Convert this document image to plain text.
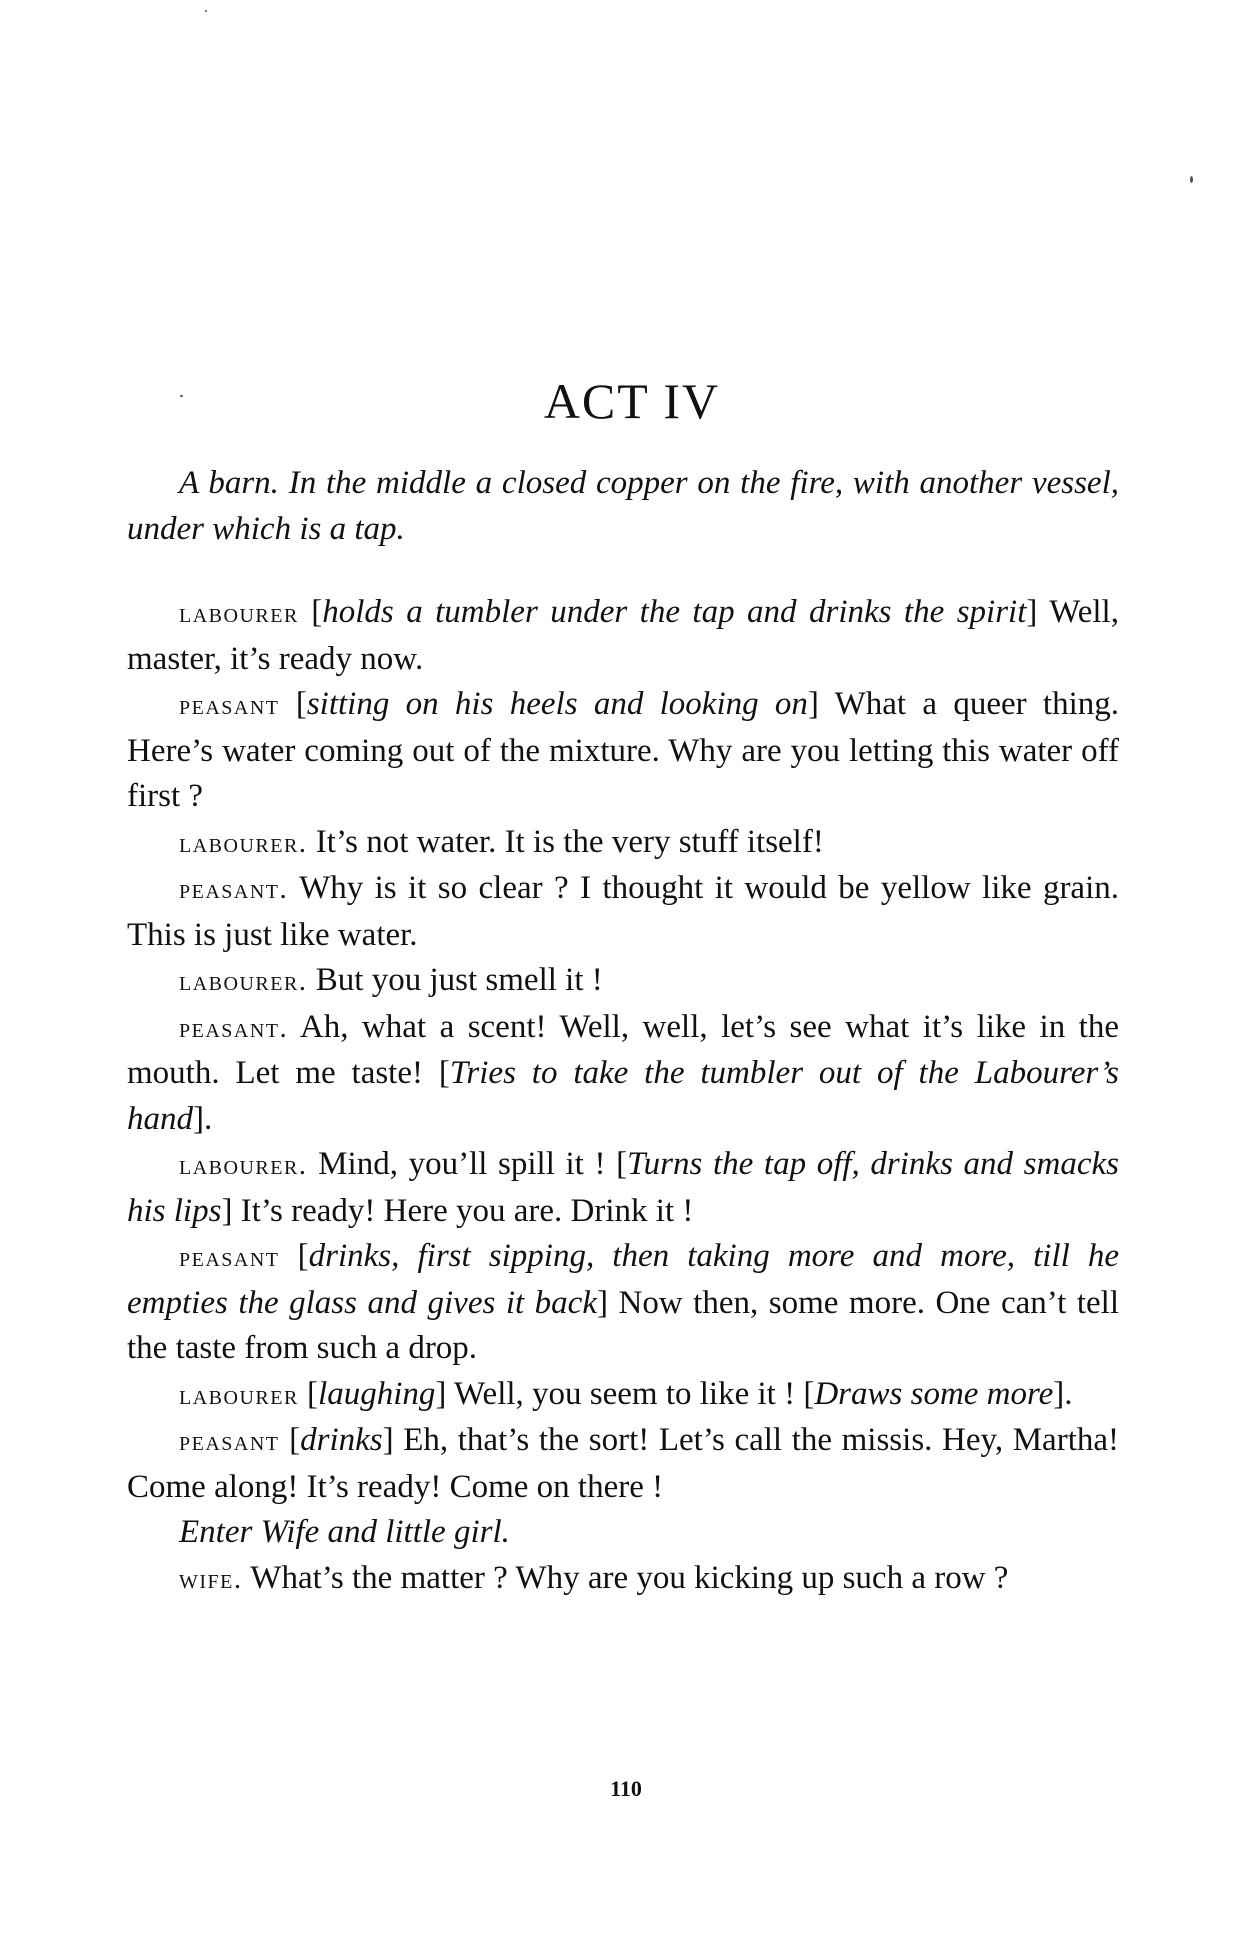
ACT IV

A barn. In the middle a closed copper on the fire, with another vessel, under which is a tap.

labourer [holds a tumbler under the tap and drinks the spirit] Well, master, it’s ready now.

peasant [sitting on his heels and looking on] What a queer thing. Here’s water coming out of the mixture. Why are you letting this water off first ?

labourer. It’s not water. It is the very stuff itself!

peasant. Why is it so clear ? I thought it would be yellow like grain. This is just like water.

labourer. But you just smell it !

peasant. Ah, what a scent! Well, well, let’s see what it’s like in the mouth. Let me taste! [Tries to take the tumbler out of the Labourer’s hand].

labourer. Mind, you’ll spill it ! [Turns the tap off, drinks and smacks his lips] It’s ready! Here you are. Drink it !

peasant [drinks, first sipping, then taking more and more, till he empties the glass and gives it back] Now then, some more. One can’t tell the taste from such a drop.

labourer [laughing] Well, you seem to like it ! [Draws some more].

peasant [drinks] Eh, that’s the sort! Let’s call the missis. Hey, Martha! Come along! It’s ready! Come on there !

Enter Wife and little girl.

wife. What’s the matter ? Why are you kicking up such a row ?

110
